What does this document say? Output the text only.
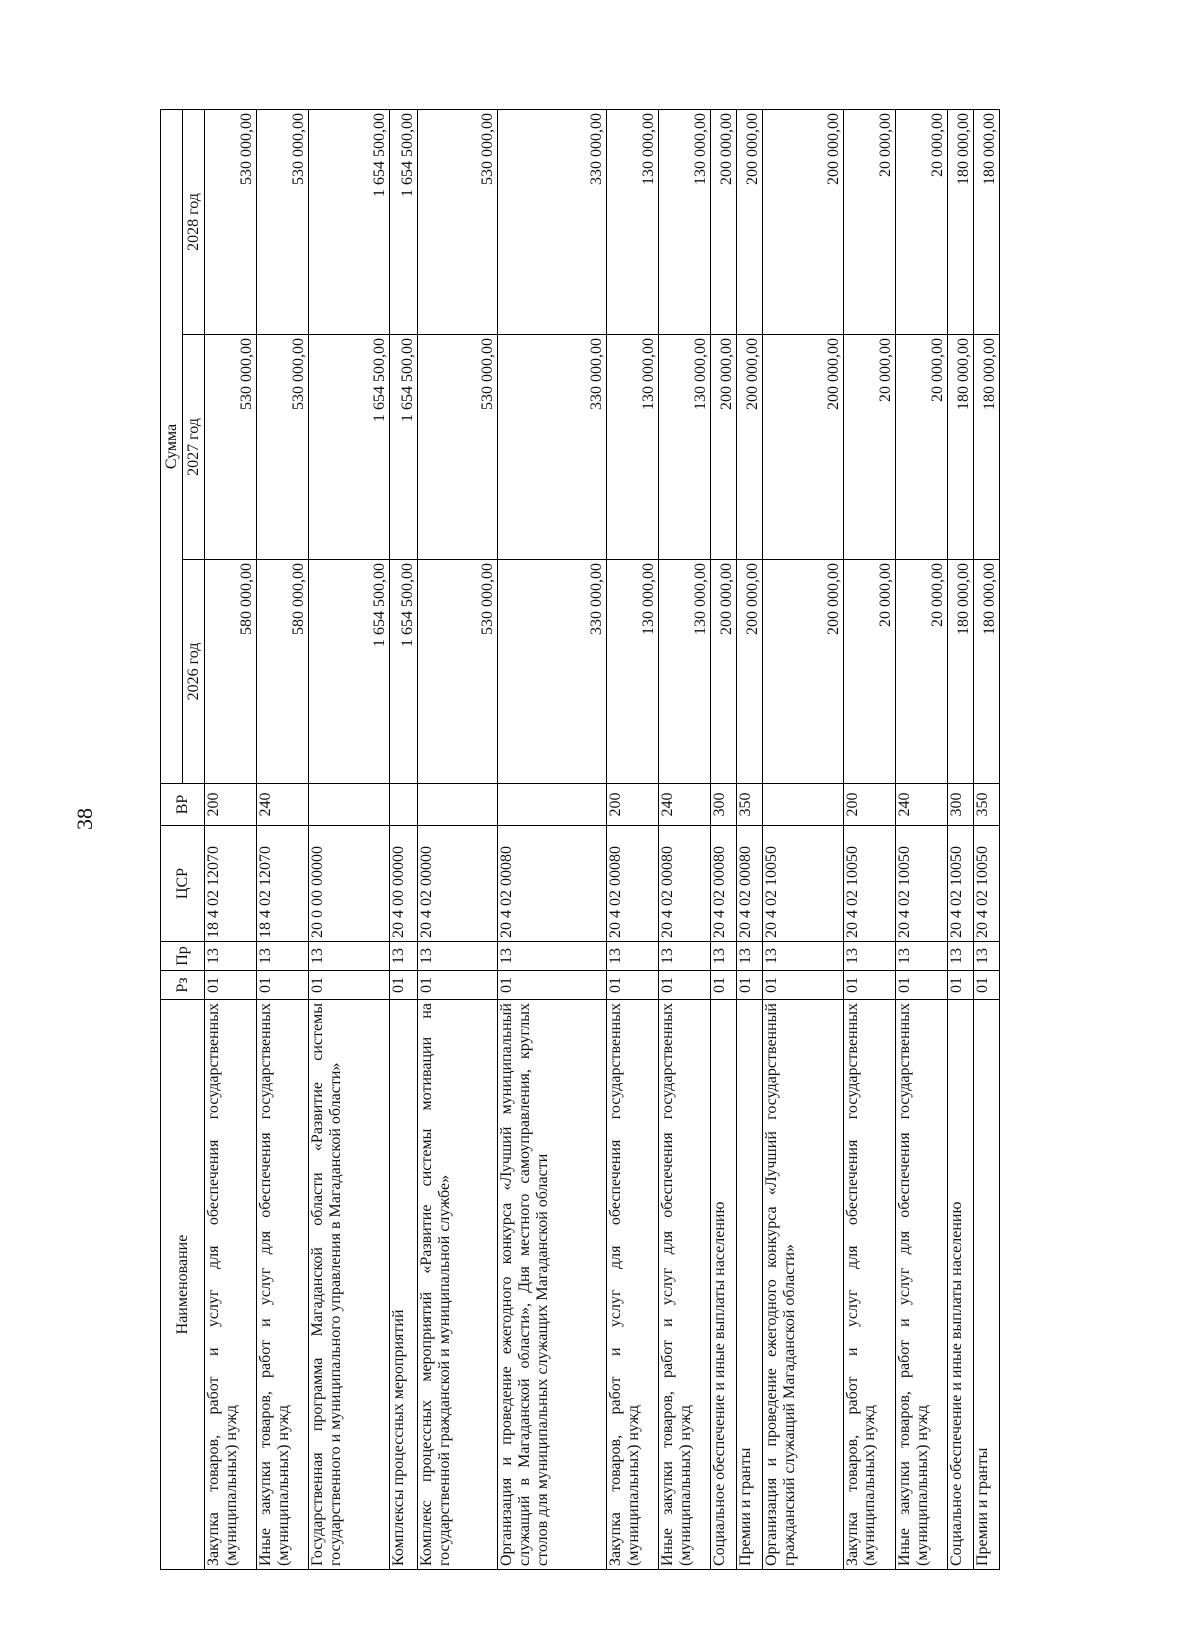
38
Наименование	Рз	Пр	ЦСР	ВР	Сумма		
					2026 год	2027 год	2028 год
Закупка товаров, работ и услуг для обеспечения государственных (муниципальных) нужд	01	13	18 4 02 12070	200	580 000,00	530 000,00	530 000,00
Иные закупки товаров, работ и услуг для обеспечения государственных (муниципальных) нужд	01	13	18 4 02 12070	240	580 000,00	530 000,00	530 000,00
Государственная программа Магаданской области «Развитие системы государственного и муниципального управления в Магаданской области»	01	13	20 0 00 00000		1 654 500,00	1 654 500,00	1 654 500,00
Комплексы процессных мероприятий	01	13	20 4 00 00000		1 654 500,00	1 654 500,00	1 654 500,00
Комплекс процессных мероприятий «Развитие системы мотивации на государственной гражданской и муниципальной службе»	01	13	20 4 02 00000		530 000,00	530 000,00	530 000,00
Организация и проведение ежегодного конкурса «Лучший муниципальный служащий в Магаданской области», Дня местного самоуправления, круглых столов для муниципальных служащих Магаданской области	01	13	20 4 02 00080		330 000,00	330 000,00	330 000,00
Закупка товаров, работ и услуг для обеспечения государственных (муниципальных) нужд	01	13	20 4 02 00080	200	130 000,00	130 000,00	130 000,00
Иные закупки товаров, работ и услуг для обеспечения государственных (муниципальных) нужд	01	13	20 4 02 00080	240	130 000,00	130 000,00	130 000,00
Социальное обеспечение и иные выплаты населению	01	13	20 4 02 00080	300	200 000,00	200 000,00	200 000,00
Премии и гранты	01	13	20 4 02 00080	350	200 000,00	200 000,00	200 000,00
Организация и проведение ежегодного конкурса «Лучший государственный гражданский служащий Магаданской области»	01	13	20 4 02 10050		200 000,00	200 000,00	200 000,00
Закупка товаров, работ и услуг для обеспечения государственных (муниципальных) нужд	01	13	20 4 02 10050	200	20 000,00	20 000,00	20 000,00
Иные закупки товаров, работ и услуг для обеспечения государственных (муниципальных) нужд	01	13	20 4 02 10050	240	20 000,00	20 000,00	20 000,00
Социальное обеспечение и иные выплаты населению	01	13	20 4 02 10050	300	180 000,00	180 000,00	180 000,00
Премии и гранты	01	13	20 4 02 10050	350	180 000,00	180 000,00	180 000,00
